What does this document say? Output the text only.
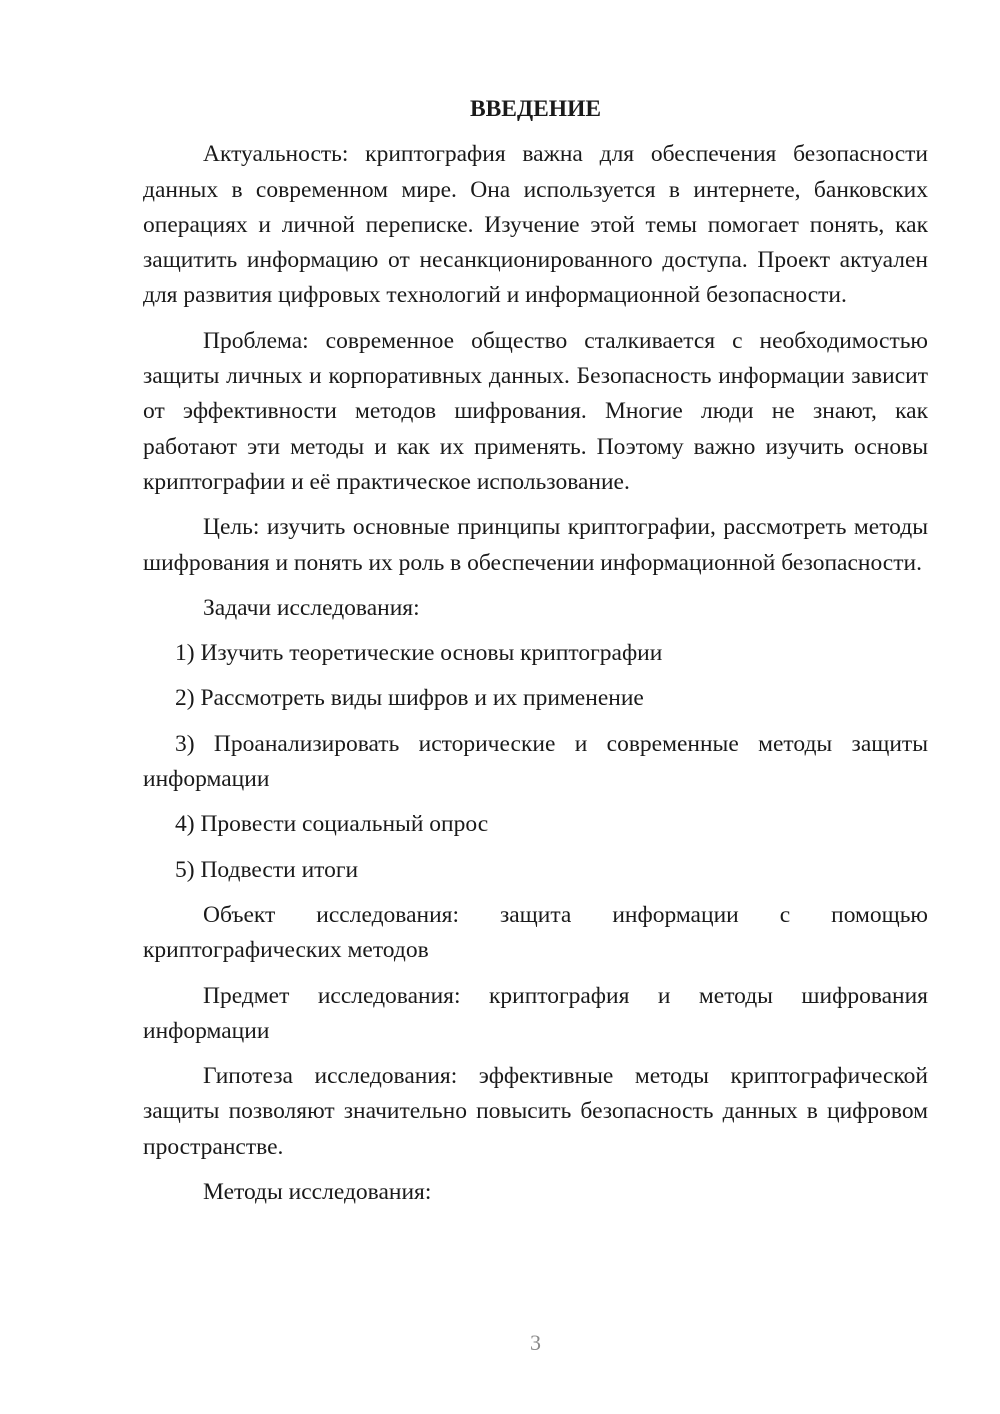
ВВЕДЕНИЕ

Актуальность: криптография важна для обеспечения безопасности данных в современном мире. Она используется в интернете, банковских операциях и личной переписке. Изучение этой темы помогает понять, как защитить информацию от несанкционированного доступа. Проект актуален для развития цифровых технологий и информационной безопасности.

Проблема: современное общество сталкивается с необходимостью защиты личных и корпоративных данных. Безопасность информации зависит от эффективности методов шифрования. Многие люди не знают, как работают эти методы и как их применять. Поэтому важно изучить основы криптографии и её практическое использование.

Цель: изучить основные принципы криптографии, рассмотреть методы шифрования и понять их роль в обеспечении информационной безопасности.

Задачи исследования:

1) Изучить теоретические основы криптографии

2) Рассмотреть виды шифров и их применение

3) Проанализировать исторические и современные методы защиты информации

4) Провести социальный опрос

5) Подвести итоги

Объект исследования: защита информации с помощью криптографических методов

Предмет исследования: криптография и методы шифрования информации

Гипотеза исследования: эффективные методы криптографической защиты позволяют значительно повысить безопасность данных в цифровом пространстве.

Методы исследования:

3
